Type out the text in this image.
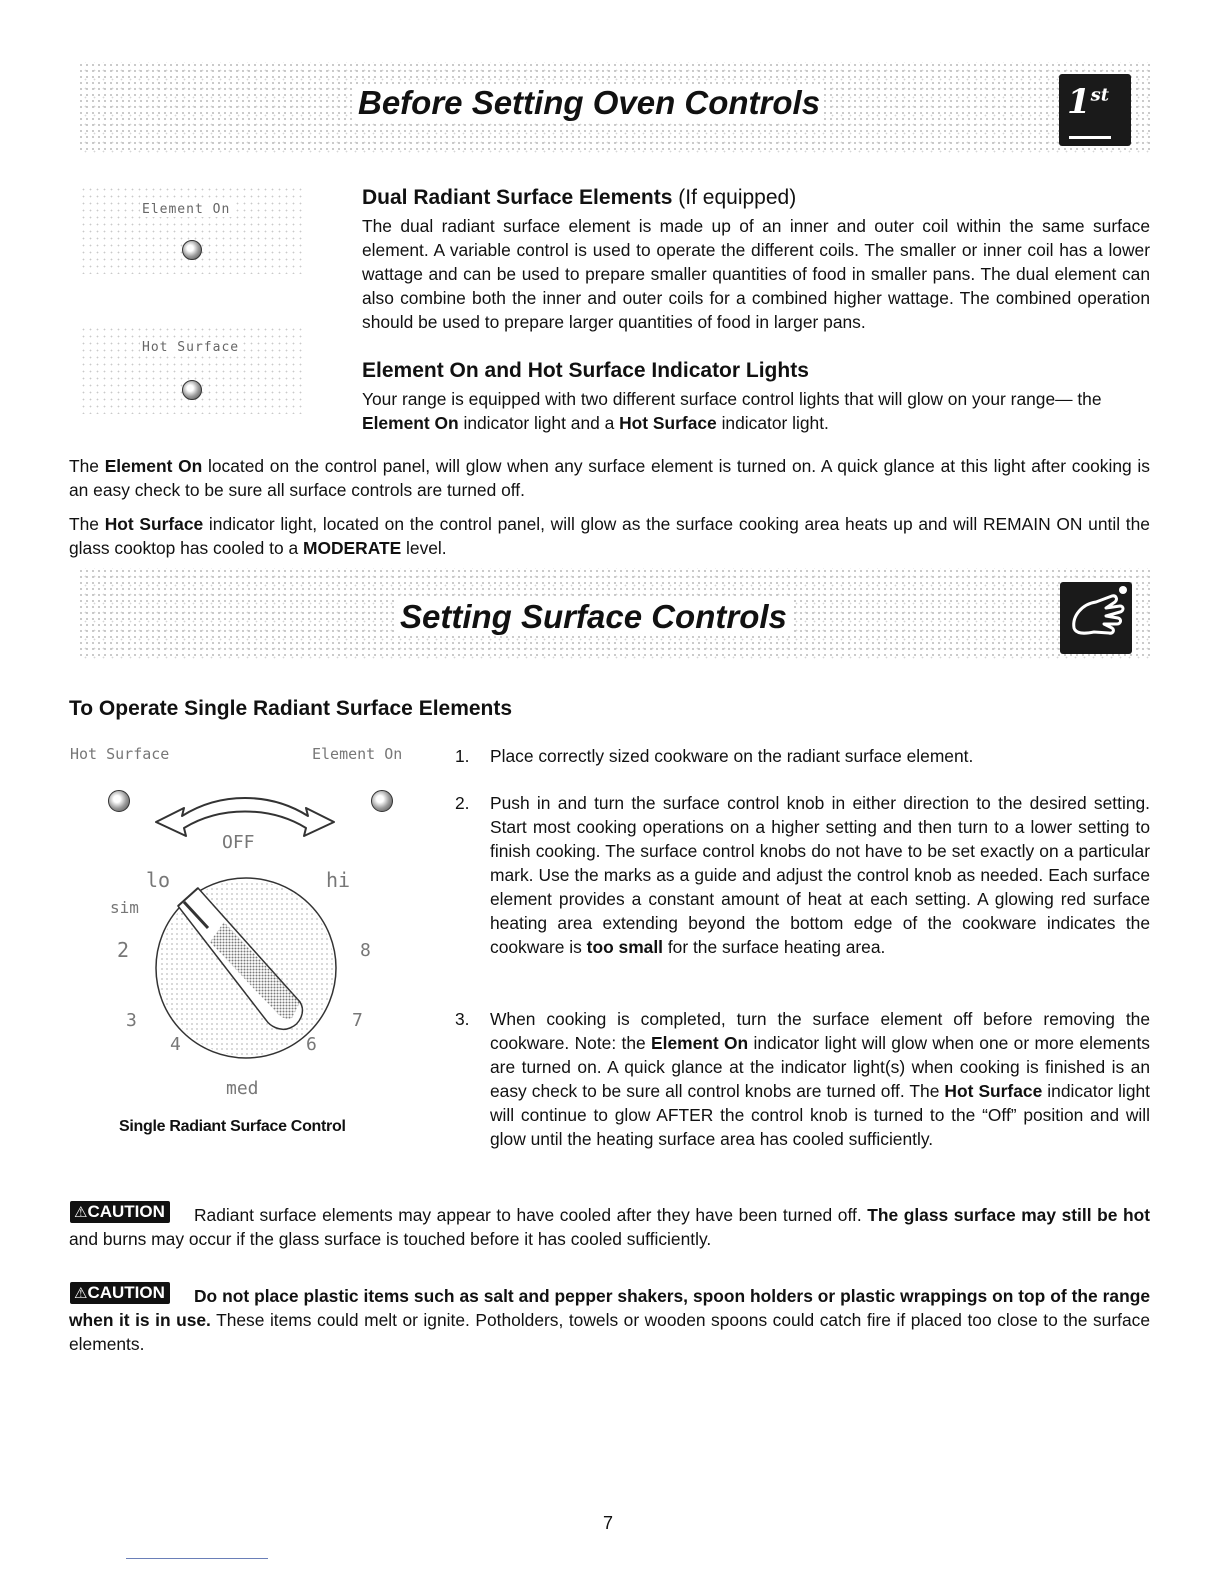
Before Setting Oven Controls	1st
Element On
Hot Surface
Dual Radiant Surface Elements (If equipped)
The dual radiant surface element is made up of an inner and outer coil within the same surface element. A variable control is used to operate the different coils. The smaller or inner coil has a lower wattage and can be used to prepare smaller quantities of food in smaller pans. The dual element can also combine both the inner and outer coils for a combined higher wattage. The combined operation should be used to prepare larger quantities of food in larger pans.
Element On and Hot Surface Indicator Lights
Your range is equipped with two different surface control lights that will glow on your range— the Element On indicator light and a Hot Surface indicator light.
The Element On located on the control panel, will glow when any surface element is turned on. A quick glance at this light after cooking is an easy check to be sure all surface controls are turned off.
The Hot Surface indicator light, located on the control panel, will glow as the surface cooking area heats up and will REMAIN ON until the glass cooktop has cooled to a MODERATE level.
Setting Surface Controls
To Operate Single Radiant Surface Elements
Hot Surface	Element On
OFF
lo	hi
sim
2	8
3	7
4	6
med
Single Radiant Surface Control
1. Place correctly sized cookware on the radiant surface element.
2. Push in and turn the surface control knob in either direction to the desired setting. Start most cooking operations on a higher setting and then turn to a lower setting to finish cooking. The surface control knobs do not have to be set exactly on a particular mark. Use the marks as a guide and adjust the control knob as needed. Each surface element provides a constant amount of heat at each setting. A glowing red surface heating area extending beyond the bottom edge of the cookware indicates the cookware is too small for the surface heating area.
3. When cooking is completed, turn the surface element off before removing the cookware. Note: the Element On indicator light will glow when one or more elements are turned on. A quick glance at the indicator light(s) when cooking is finished is an easy check to be sure all control knobs are turned off. The Hot Surface indicator light will continue to glow AFTER the control knob is turned to the “Off” position and will glow until the heating surface area has cooled sufficiently.
⚠CAUTION	Radiant surface elements may appear to have cooled after they have been turned off. The glass surface may still be hot and burns may occur if the glass surface is touched before it has cooled sufficiently.
⚠CAUTION	Do not place plastic items such as salt and pepper shakers, spoon holders or plastic wrappings on top of the range when it is in use. These items could melt or ignite. Potholders, towels or wooden spoons could catch fire if placed too close to the surface elements.
7
